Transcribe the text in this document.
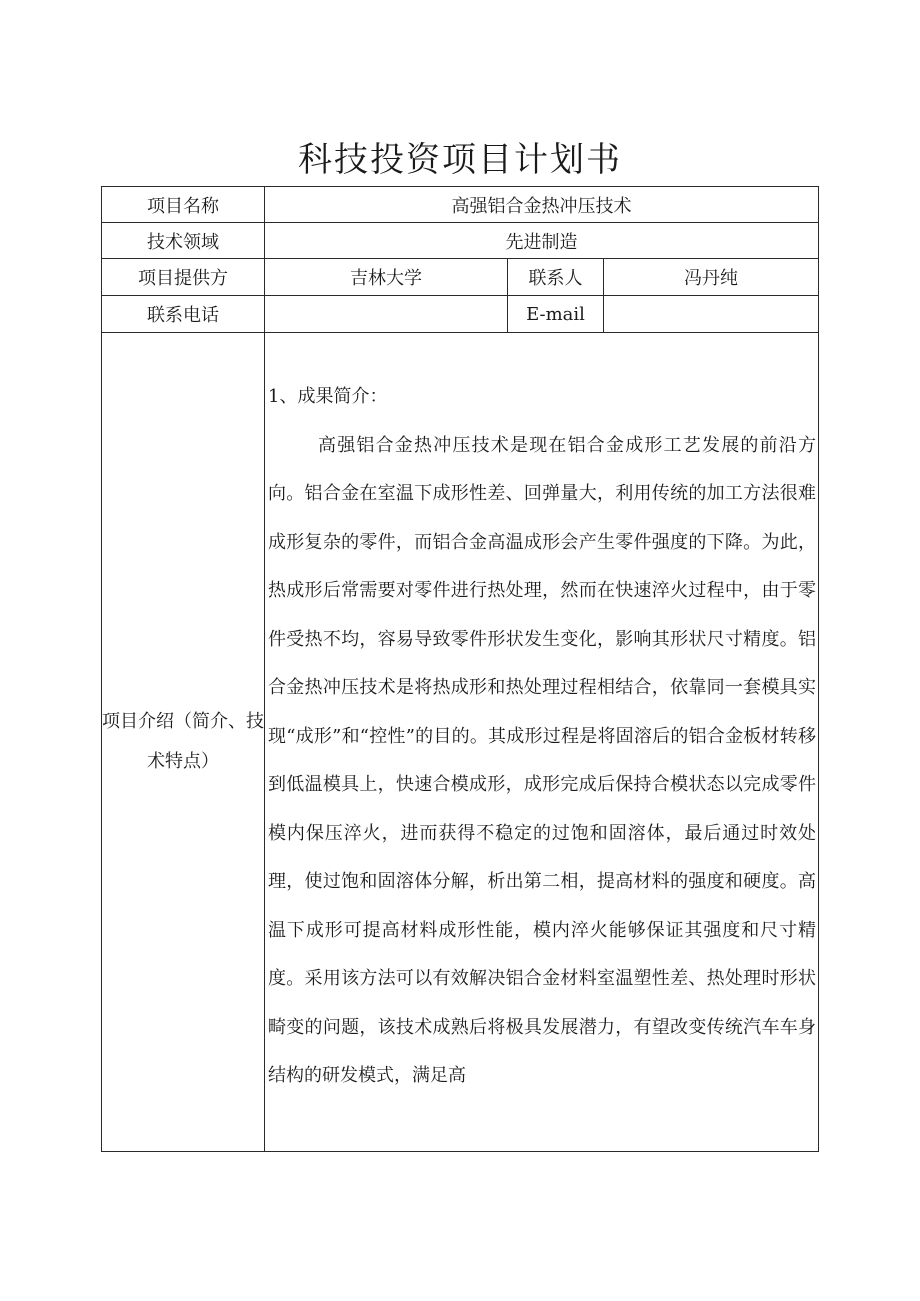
科技投资项目计划书
项目名称	高强铝合金热冲压技术		
技术领域	先进制造		
项目提供方	吉林大学	联系人	冯丹纯
联系电话		E-mail	

项目介绍（简介、技术特点）	1、成果简介：

高强铝合金热冲压技术是现在铝合金成形工艺发展的前沿方向。铝合金在室温下成形性差、回弹量大，利用传统的加工方法很难成形复杂的零件，而铝合金高温成形会产生零件强度的下降。为此，热成形后常需要对零件进行热处理，然而在快速淬火过程中，由于零件受热不均，容易导致零件形状发生变化，影响其形状尺寸精度。铝合金热冲压技术是将热成形和热处理过程相结合，依靠同一套模具实现“成形”和“控性”的目的。其成形过程是将固溶后的铝合金板材转移到低温模具上，快速合模成形，成形完成后保持合模状态以完成零件模内保压淬火，进而获得不稳定的过饱和固溶体，最后通过时效处理，使过饱和固溶体分解，析出第二相，提高材料的强度和硬度。高温下成形可提高材料成形性能，模内淬火能够保证其强度和尺寸精度。采用该方法可以有效解决铝合金材料室温塑性差、热处理时形状畸变的问题，该技术成熟后将极具发展潜力，有望改变传统汽车车身结构的研发模式，满足高		
